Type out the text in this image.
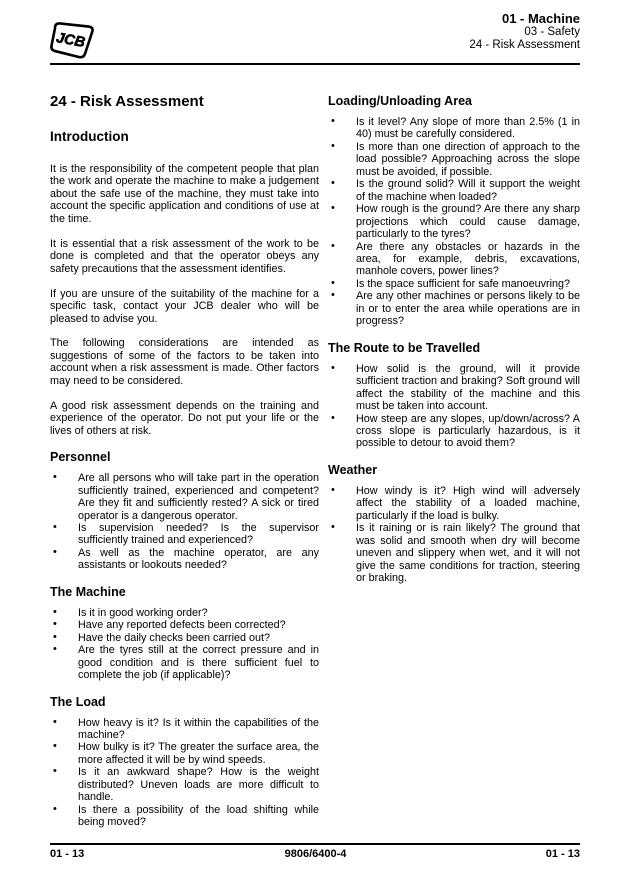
JCB
01 - Machine
03 - Safety
24 - Risk Assessment
24 - Risk Assessment
Introduction

It is the responsibility of the competent people that plan the work and operate the machine to make a judgement about the safe use of the machine, they must take into account the specific application and conditions of use at the time.

It is essential that a risk assessment of the work to be done is completed and that the operator obeys any safety precautions that the assessment identifies.

If you are unsure of the suitability of the machine for a specific task, contact your JCB dealer who will be pleased to advise you.

The following considerations are intended as suggestions of some of the factors to be taken into account when a risk assessment is made. Other factors may need to be considered.

A good risk assessment depends on the training and experience of the operator. Do not put your life or the lives of others at risk.

Personnel
• Are all persons who will take part in the operation sufficiently trained, experienced and competent? Are they fit and sufficiently rested? A sick or tired operator is a dangerous operator.
• Is supervision needed? Is the supervisor sufficiently trained and experienced?
• As well as the machine operator, are any assistants or lookouts needed?
The Machine
• Is it in good working order?
• Have any reported defects been corrected?
• Have the daily checks been carried out?
• Are the tyres still at the correct pressure and in good condition and is there sufficient fuel to complete the job (if applicable)?
The Load
• How heavy is it? Is it within the capabilities of the machine?
• How bulky is it? The greater the surface area, the more affected it will be by wind speeds.
• Is it an awkward shape? How is the weight distributed? Uneven loads are more difficult to handle.
• Is there a possibility of the load shifting while being moved?
Loading/Unloading Area
• Is it level? Any slope of more than 2.5% (1 in 40) must be carefully considered.
• Is more than one direction of approach to the load possible? Approaching across the slope must be avoided, if possible.
• Is the ground solid? Will it support the weight of the machine when loaded?
• How rough is the ground? Are there any sharp projections which could cause damage, particularly to the tyres?
• Are there any obstacles or hazards in the area, for example, debris, excavations, manhole covers, power lines?
• Is the space sufficient for safe manoeuvring?
• Are any other machines or persons likely to be in or to enter the area while operations are in progress?
The Route to be Travelled
• How solid is the ground, will it provide sufficient traction and braking? Soft ground will affect the stability of the machine and this must be taken into account.
• How steep are any slopes, up/down/across? A cross slope is particularly hazardous, is it possible to detour to avoid them?
Weather
• How windy is it? High wind will adversely affect the stability of a loaded machine, particularly if the load is bulky.
• Is it raining or is rain likely? The ground that was solid and smooth when dry will become uneven and slippery when wet, and it will not give the same conditions for traction, steering or braking.
01 - 13	9806/6400-4	01 - 13
